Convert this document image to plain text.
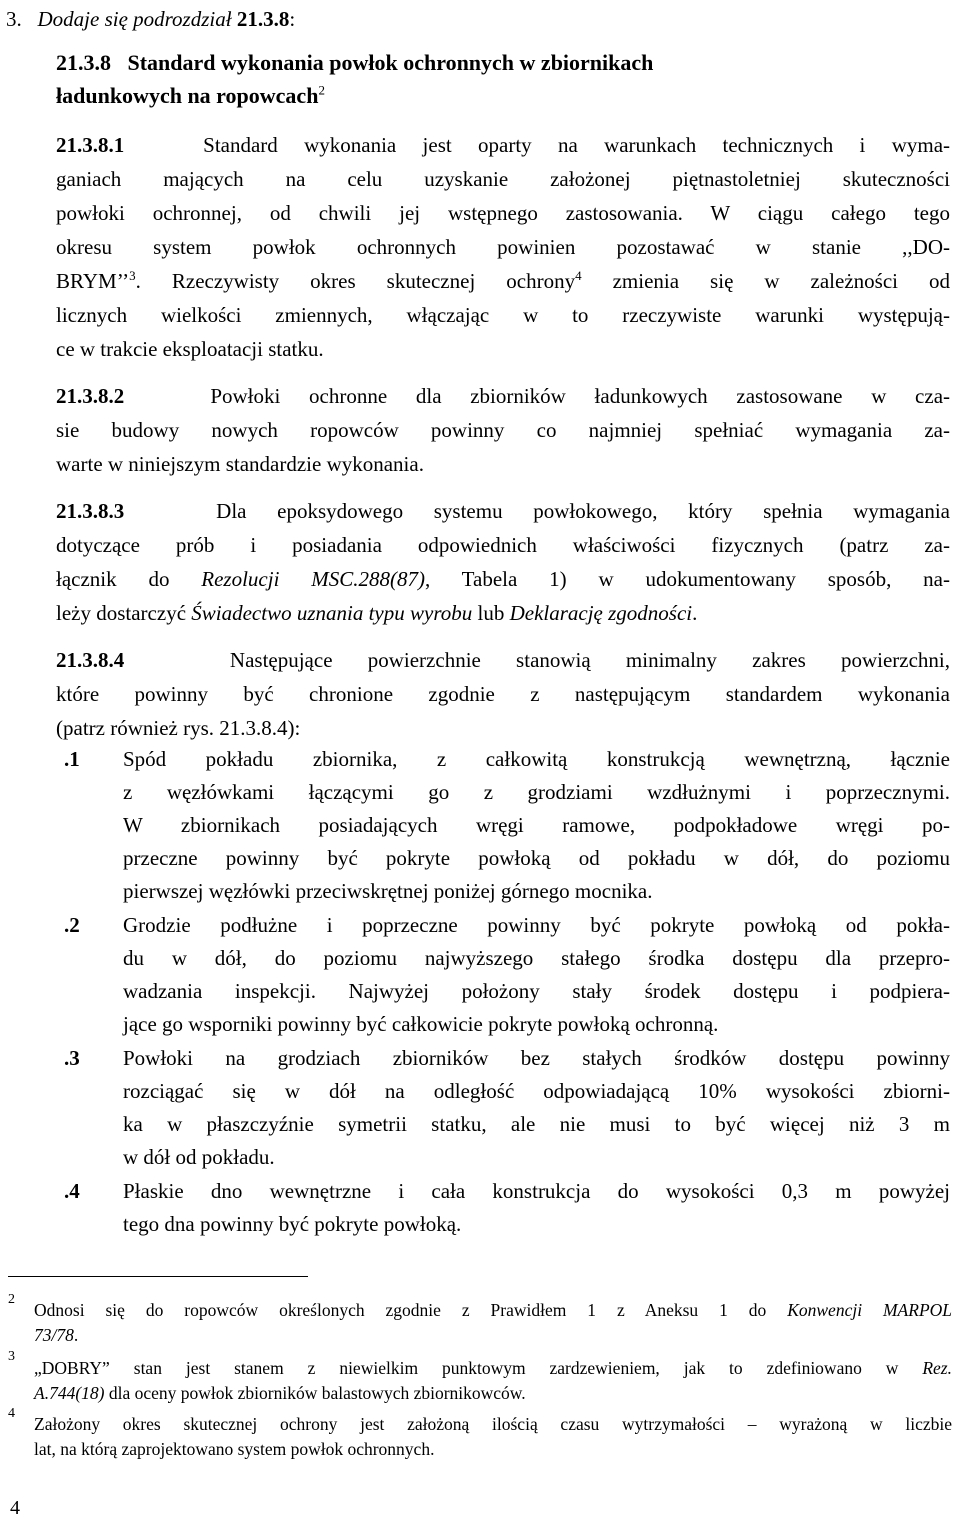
3. Dodaje się podrozdział 21.3.8:
21.3.8 Standard wykonania powłok ochronnych w zbiornikach
ładunkowych na ropowcach$^2$
21.3.8.1	Standard wykonania jest oparty na warunkach technicznych i wyma-
ganiach mających na celu uzyskanie założonej piętnastoletniej skuteczności
powłoki ochronnej, od chwili jej wstępnego zastosowania. W ciągu całego tego
okresu system powłok ochronnych powinien pozostawać w stanie ,,DO-
BRYM’’$^3$. Rzeczywisty okres skutecznej ochrony$^4$ zmienia się w zależności od
licznych wielkości zmiennych, włączając w to rzeczywiste warunki występują-
ce w trakcie eksploatacji statku.
21.3.8.2	Powłoki ochronne dla zbiorników ładunkowych zastosowane w cza-
sie budowy nowych ropowców powinny co najmniej spełniać wymagania za-
warte w niniejszym standardzie wykonania.
21.3.8.3	Dla epoksydowego systemu powłokowego, który spełnia wymagania
dotyczące prób i posiadania odpowiednich właściwości fizycznych (patrz za-
łącznik do Rezolucji MSC.288(87), Tabela 1) w udokumentowany sposób, na-
leży dostarczyć Świadectwo uznania typu wyrobu lub Deklarację zgodności.
21.3.8.4	Następujące powierzchnie stanowią minimalny zakres powierzchni,
które powinny być chronione zgodnie z następującym standardem wykonania
(patrz również rys. 21.3.8.4):
.1 Spód pokładu zbiornika, z całkowitą konstrukcją wewnętrzną, łącznie
z węzłówkami łączącymi go z grodziami wzdłużnymi i poprzecznymi.
W zbiornikach posiadających wręgi ramowe, podpokładowe wręgi po-
przeczne powinny być pokryte powłoką od pokładu w dół, do poziomu
pierwszej węzłówki przeciwskrętnej poniżej górnego mocnika.
.2 Grodzie podłużne i poprzeczne powinny być pokryte powłoką od pokła-
du w dół, do poziomu najwyższego stałego środka dostępu dla przepro-
wadzania inspekcji. Najwyżej położony stały środek dostępu i podpiera-
jące go wsporniki powinny być całkowicie pokryte powłoką ochronną.
.3 Powłoki na grodziach zbiorników bez stałych środków dostępu powinny
rozciągać się w dół na odległość odpowiadającą 10% wysokości zbiorni-
ka w płaszczyźnie symetrii statku, ale nie musi to być więcej niż 3 m
w dół od pokładu.
.4 Płaskie dno wewnętrzne i cała konstrukcja do wysokości 0,3 m powyżej
tego dna powinny być pokryte powłoką.
2
Odnosi się do ropowców określonych zgodnie z Prawidłem 1 z Aneksu 1 do Konwencji MARPOL
73/78.
3
„DOBRY” stan jest stanem z niewielkim punktowym zardzewieniem, jak to zdefiniowano w Rez.
A.744(18) dla oceny powłok zbiorników balastowych zbiornikowców.
4
Założony okres skutecznej ochrony jest założoną ilością czasu wytrzymałości – wyrażoną w liczbie
lat, na którą zaprojektowano system powłok ochronnych.
4
